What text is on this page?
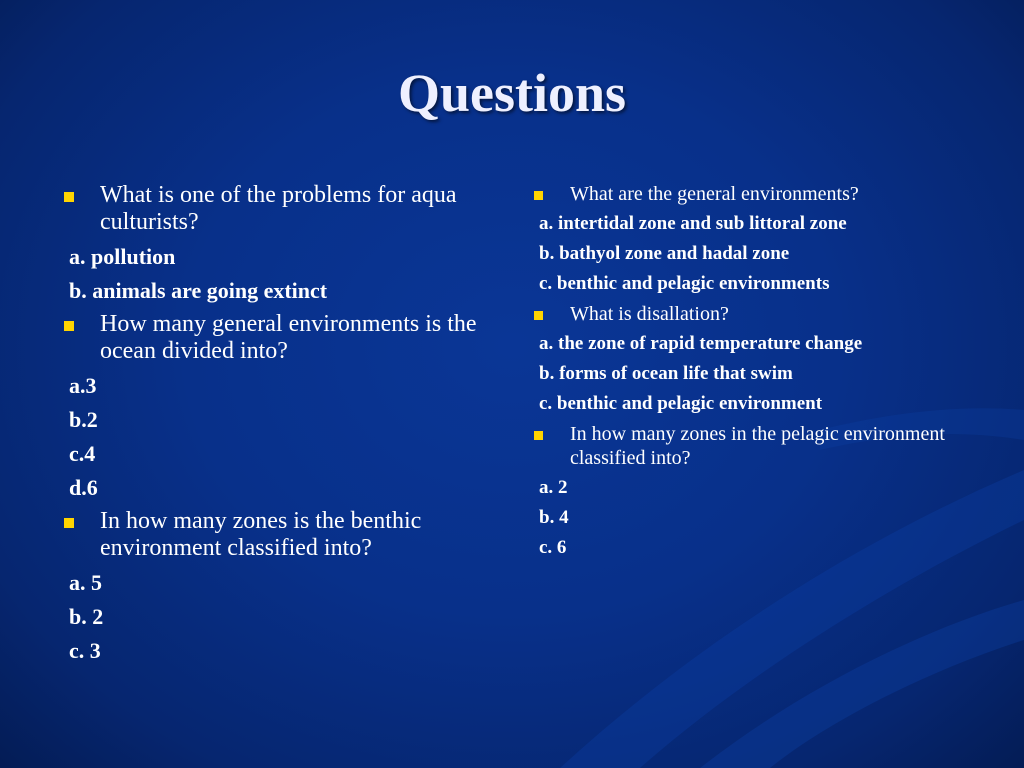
Questions
What is one of the problems for aqua culturists?
a. pollution
b. animals are going extinct
How many general environments is the ocean divided into?
a.3
b.2
c.4
d.6
In how many zones is the benthic environment classified into?
a. 5
b. 2
c. 3
What are the general environments?
a. intertidal zone and sub littoral zone
b. bathyol zone and hadal zone
c. benthic and pelagic environments
What is disallation?
a. the zone of rapid temperature change
b. forms of ocean life that swim
c. benthic and pelagic environment
In how many zones in the pelagic environment classified into?
a. 2
b. 4
c. 6
